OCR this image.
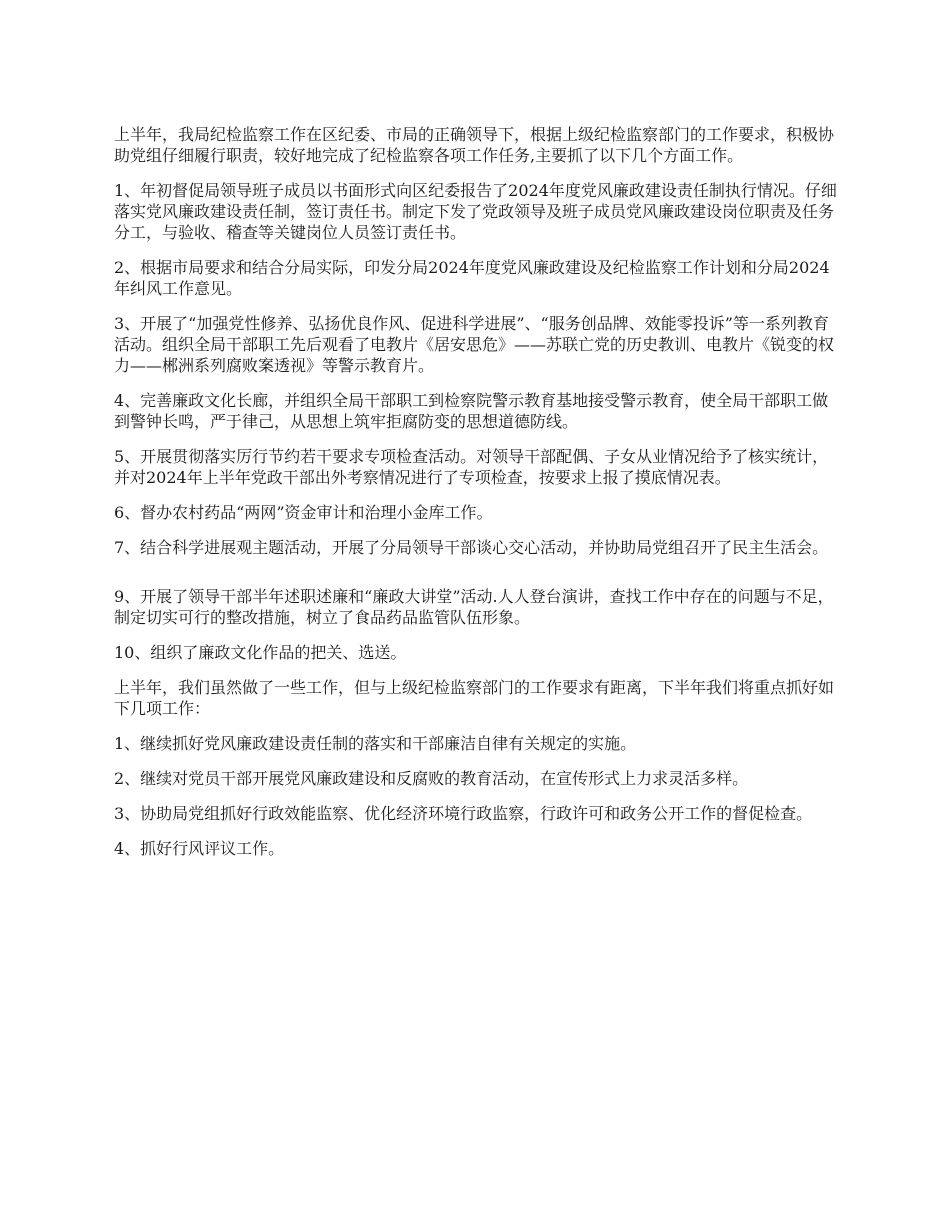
上半年，我局纪检监察工作在区纪委、市局的正确领导下，根据上级纪检监察部门的工作要求，积极协助党组仔细履行职责，较好地完成了纪检监察各项工作任务,主要抓了以下几个方面工作。

1、年初督促局领导班子成员以书面形式向区纪委报告了2024年度党风廉政建设责任制执行情况。仔细落实党风廉政建设责任制，签订责任书。制定下发了党政领导及班子成员党风廉政建设岗位职责及任务分工，与验收、稽查等关键岗位人员签订责任书。

2、根据市局要求和结合分局实际，印发分局2024年度党风廉政建设及纪检监察工作计划和分局2024年纠风工作意见。

3、开展了“加强党性修养、弘扬优良作风、促进科学进展”、“服务创品牌、效能零投诉”等一系列教育活动。组织全局干部职工先后观看了电教片《居安思危》——苏联亡党的历史教训、电教片《锐变的权力——郴洲系列腐败案透视》等警示教育片。

4、完善廉政文化长廊，并组织全局干部职工到检察院警示教育基地接受警示教育，使全局干部职工做到警钟长鸣，严于律己，从思想上筑牢拒腐防变的思想道德防线。

5、开展贯彻落实厉行节约若干要求专项检查活动。对领导干部配偶、子女从业情况给予了核实统计，并对2024年上半年党政干部出外考察情况进行了专项检查，按要求上报了摸底情况表。

6、督办农村药品“两网”资金审计和治理小金库工作。

7、结合科学进展观主题活动，开展了分局领导干部谈心交心活动，并协助局党组召开了民主生活会。

9、开展了领导干部半年述职述廉和“廉政大讲堂”活动.人人登台演讲，查找工作中存在的问题与不足，制定切实可行的整改措施，树立了食品药品监管队伍形象。

10、组织了廉政文化作品的把关、选送。

上半年，我们虽然做了一些工作，但与上级纪检监察部门的工作要求有距离，下半年我们将重点抓好如下几项工作：

1、继续抓好党风廉政建设责任制的落实和干部廉洁自律有关规定的实施。

2、继续对党员干部开展党风廉政建设和反腐败的教育活动，在宣传形式上力求灵活多样。

3、协助局党组抓好行政效能监察、优化经济环境行政监察，行政许可和政务公开工作的督促检查。

4、抓好行风评议工作。
